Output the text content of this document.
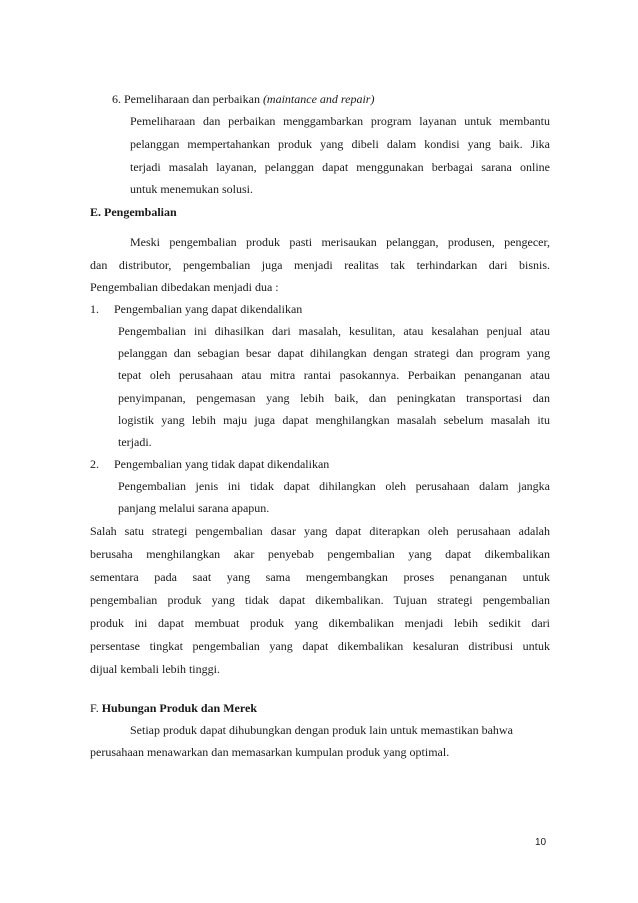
6. Pemeliharaan dan perbaikan (maintance and repair)
Pemeliharaan dan perbaikan menggambarkan program layanan untuk membantu
pelanggan mempertahankan produk yang dibeli dalam kondisi yang baik. Jika
terjadi masalah layanan, pelanggan dapat menggunakan berbagai sarana online
untuk menemukan solusi.
E. Pengembalian
Meski pengembalian produk pasti merisaukan pelanggan, produsen, pengecer,
dan distributor, pengembalian juga menjadi realitas tak terhindarkan dari bisnis.
Pengembalian dibedakan menjadi dua :
1. Pengembalian yang dapat dikendalikan
Pengembalian ini dihasilkan dari masalah, kesulitan, atau kesalahan penjual atau
pelanggan dan sebagian besar dapat dihilangkan dengan strategi dan program yang
tepat oleh perusahaan atau mitra rantai pasokannya. Perbaikan penanganan atau
penyimpanan, pengemasan yang lebih baik, dan peningkatan transportasi dan
logistik yang lebih maju juga dapat menghilangkan masalah sebelum masalah itu
terjadi.
2. Pengembalian yang tidak dapat dikendalikan
Pengembalian jenis ini tidak dapat dihilangkan oleh perusahaan dalam jangka
panjang melalui sarana apapun.
Salah satu strategi pengembalian dasar yang dapat diterapkan oleh perusahaan adalah
berusaha menghilangkan akar penyebab pengembalian yang dapat dikembalikan
sementara pada saat yang sama mengembangkan proses penanganan untuk
pengembalian produk yang tidak dapat dikembalikan. Tujuan strategi pengembalian
produk ini dapat membuat produk yang dikembalikan menjadi lebih sedikit dari
persentase tingkat pengembalian yang dapat dikembalikan kesaluran distribusi untuk
dijual kembali lebih tinggi.
F. Hubungan Produk dan Merek
Setiap produk dapat dihubungkan dengan produk lain untuk memastikan bahwa
perusahaan menawarkan dan memasarkan kumpulan produk yang optimal.
10
